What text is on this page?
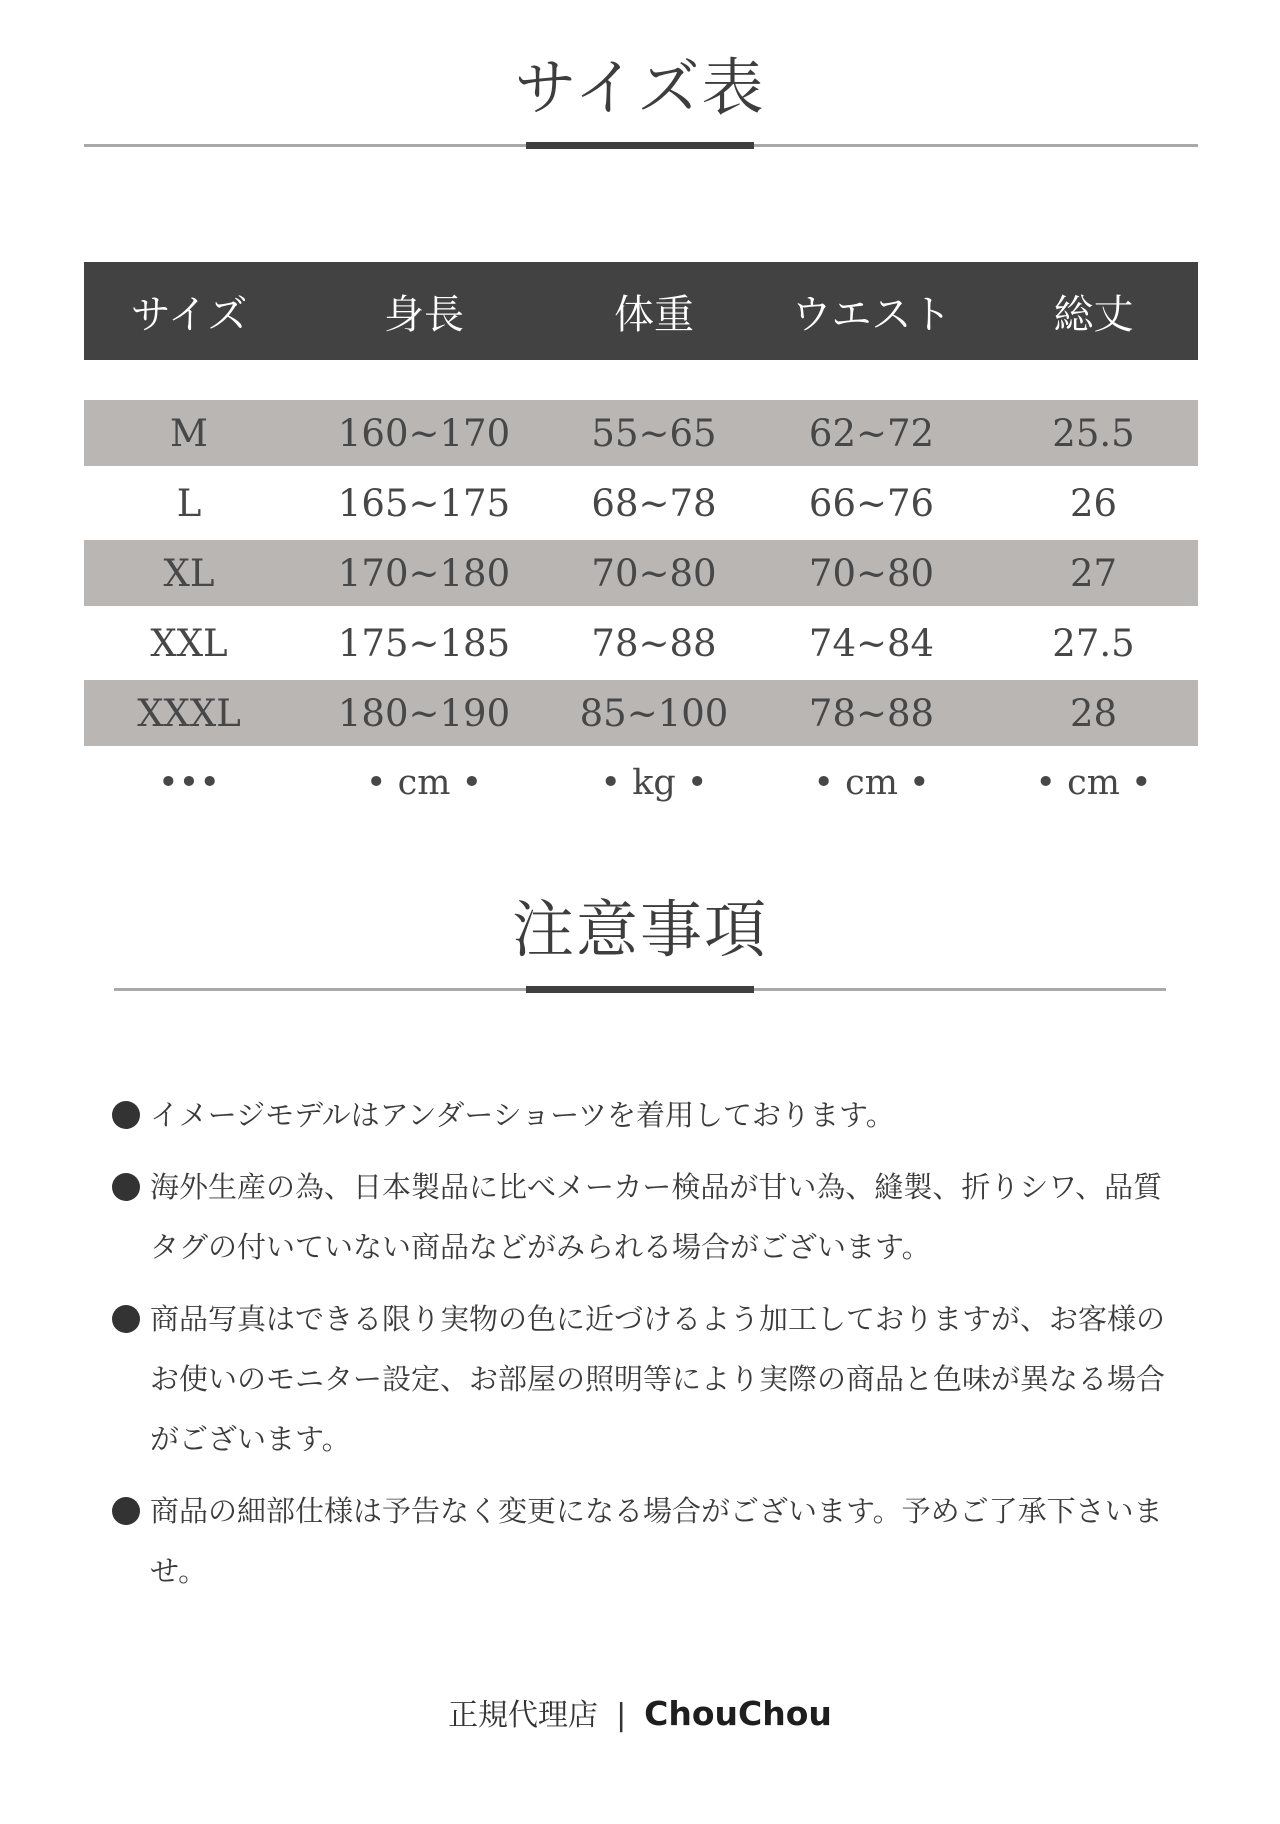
サイズ表
サイズ	身長	体重	ウエスト	総丈
M	160~170	55~65	62~72	25.5
L	165~175	68~78	66~76	26
XL	170~180	70~80	70~80	27
XXL	175~185	78~88	74~84	27.5
XXXL	180~190	85~100	78~88	28
•••	• cm •	• kg •	• cm •	• cm •
注意事項
イメージモデルはアンダーショーツを着用しております。
海外生産の為、日本製品に比べメーカー検品が甘い為、縫製、折りシワ、品質タグの付いていない商品などがみられる場合がございます。
商品写真はできる限り実物の色に近づけるよう加工しておりますが、お客様のお使いのモニター設定、お部屋の照明等により実際の商品と色味が異なる場合がございます。
商品の細部仕様は予告なく変更になる場合がございます。予めご了承下さいませ。
正規代理店 | ChouChou
